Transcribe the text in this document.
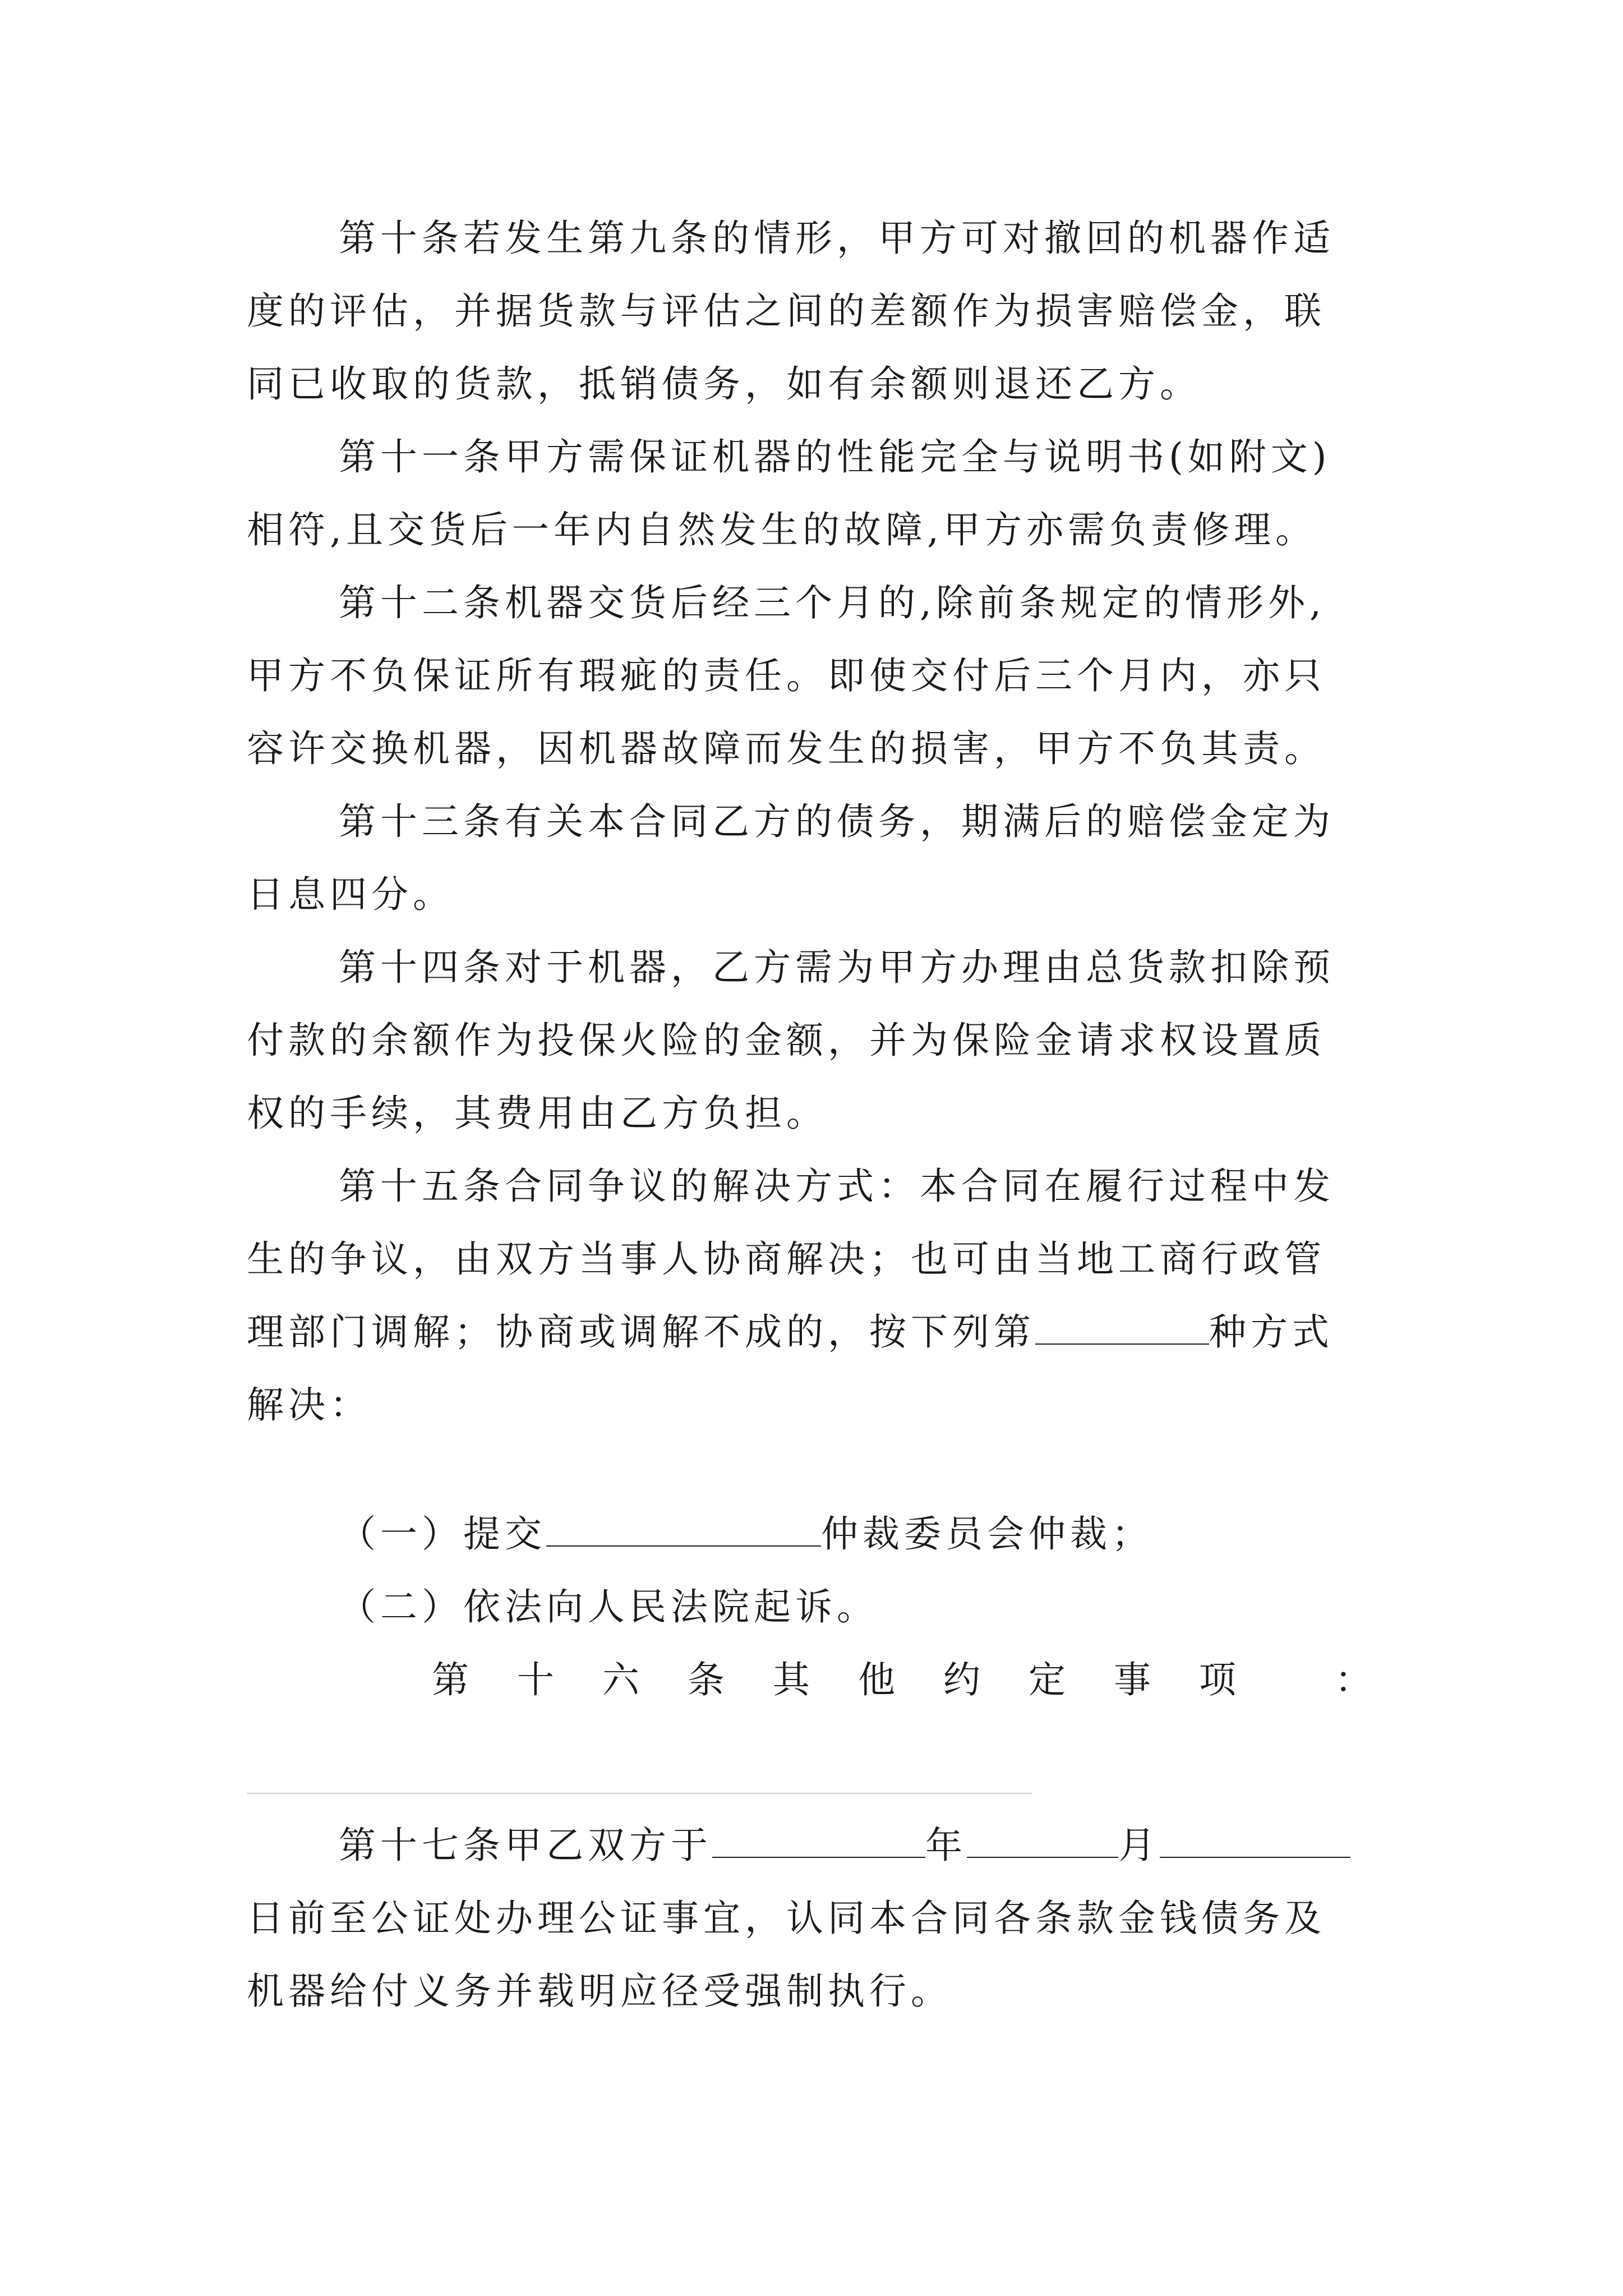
第十条若发生第九条的情形，甲方可对撤回的机器作适
度的评估，并据货款与评估之间的差额作为损害赔偿金，联
同已收取的货款，抵销债务，如有余额则退还乙方。
第十一条甲方需保证机器的性能完全与说明书(如附文)
相符,且交货后一年内自然发生的故障,甲方亦需负责修理。
第十二条机器交货后经三个月的,除前条规定的情形外,
甲方不负保证所有瑕疵的责任。即使交付后三个月内，亦只
容许交换机器，因机器故障而发生的损害，甲方不负其责。
第十三条有关本合同乙方的债务，期满后的赔偿金定为
日息四分。
第十四条对于机器，乙方需为甲方办理由总货款扣除预
付款的余额作为投保火险的金额，并为保险金请求权设置质
权的手续，其费用由乙方负担。
第十五条合同争议的解决方式：本合同在履行过程中发
生的争议，由双方当事人协商解决；也可由当地工商行政管
理部门调解；协商或调解不成的，按下列第	种方式
解决：
（一）提交	仲裁委员会仲裁；
（二）依法向人民法院起诉。
第 十 六 条 其 他 约 定 事 项	：
第十七条甲乙双方于	年	月
日前至公证处办理公证事宜，认同本合同各条款金钱债务及
机器给付义务并载明应径受强制执行。
